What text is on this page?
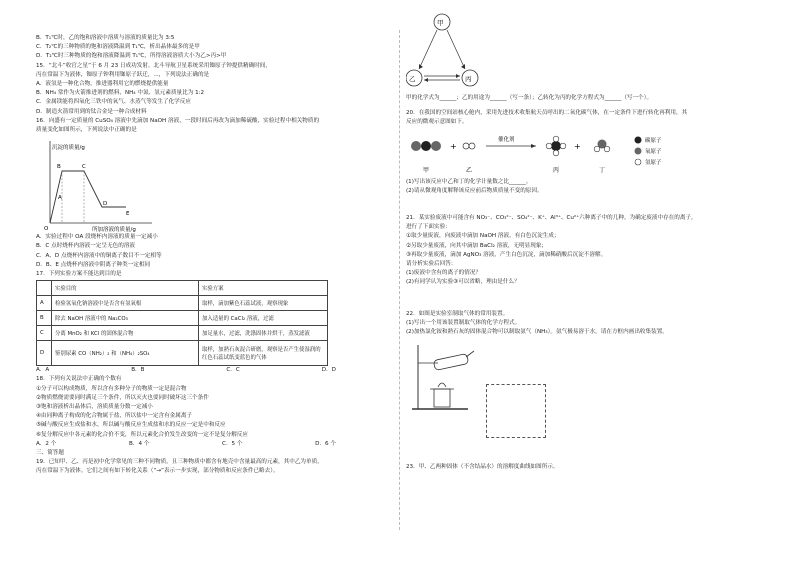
B．T₁℃时，乙的饱和溶液中溶质与溶液的质量比为 3:5
C．T₂℃的三种物质的饱和溶液降温到 T₁℃，析出晶体最多的是甲
D．T₂℃时三种物质的饱和溶液降温到 T₁℃，所得溶液溶质大小为乙>丙>甲
15．“北斗”收官之星”于 6 月 23 日成功发射。北斗导航卫星系统采用铷原子钟提供精确时间，
丙在常温下为液体，铷原子钟利用铷原子跃迁，...，下列说法正确的是
A．液氢是一种化合物，推进器利用它的燃烧提供能量
B．NH₄ 常作为火箭推进剂的燃料，NH₄ 中氮、氢元素质量比为 1:2
C．金属镁能将四氧化三铁中的氧气、水蒸气等发生了化学反应
D．制造火箭常用到的钛合金是一种合成材料
16．向盛有一定质量的 CuSO₄ 溶液中先滴加 NaOH 溶液，一段时间后再改为滴加稀硫酸，实验过程中相关物质的
质量变化如图所示，下列说法中正确的是
沉淀的质量/g
所加溶液的质量/g
O
A
B	C
D
E
A．实验过程中 OA 段烧杯内溶液的质量一定减小
B．C 点时烧杯内溶液一定呈无色的溶液
C．A、D 点烧杯内溶液中的铜离子数目不一定相等
D．B、E 点烧杯内溶液中阴离子种类一定相同
17．下列实验方案不能达到目的是
	实验目的	实验方案
A	检验氢氧化钠溶液中是否含有氢氧根	取样，滴加紫色石蕊试液，观察现象
B	除去 NaOH 溶液中的 Na₂CO₃	加入适量的 CaCl₂ 溶液，过滤
C	分离 MnO₂ 和 KCl 的固体混合物	加足量水，过滤，洗涤固体并烘干，蒸发滤液
D	鉴别尿素 CO（NH₂）₂ 和（NH₄）₂SO₄	取样，加熟石灰混合研磨，观察是否产生使湿润的红色石蕊试纸变蓝色的气体
A．A	B．B	C．C	D．D
18．下列有关说法中正确的个数有
①分子可以构成物质，所以含有多种分子的物质一定是混合物
②物质燃烧需要同时满足三个条件，所以灭火也要同时破坏这三个条件
③饱和溶液析出晶体后，溶质质量分数一定减小
④由同种离子构成的化合物属于盐，所以盐中一定含有金属离子
⑤碱与酸反应生成盐和水，所以碱与酸反应生成盐和水的反应一定是中和反应
⑥复分解反应中各元素的化合价不变，所以元素化合价发生改变的一定不是复分解反应
A．2 个	B．4 个	C．5 个	D．6 个
三、简答题
19．已知甲、乙、丙是初中化学常见的三种不同物质，且三种物质中都含有地壳中含量最高的元素，其中乙为单质，
丙在常温下为液体。它们之间有如下转化关系（“→”表示一步实现，部分物质和反应条件已略去）。
甲
乙	丙
甲的化学式为______；乙的用途为______（写一条）；乙转化为丙的化学方程式为______（写一个）。
20．在我国的空间站核心舱内，采用先进技术收集航天员呼出的二氧化碳气体，在一定条件下进行转化再利用，其
反应的微观示意图如下。
+
催化剂
+
甲	乙	丙	丁
碳原子
氧原子
氢原子
(1)写出该反应中乙和丁的化学计量数之比______。
(2)请从微观角度解释该反应前后物质质量不变的原因。
21．某实验废液中可能含有 NO₃⁻、CO₃²⁻、SO₄²⁻、K⁺、Al³⁺、Cu²⁺六种离子中的几种。为确定废液中存在的离子，
进行了下面实验：
①取少量废液，向废液中滴加 NaOH 溶液，有白色沉淀生成；
②另取少量废液，向其中滴加 BaCl₂ 溶液，无明显现象；
③再取少量废液，滴加 AgNO₃ 溶液，产生白色沉淀，滴加稀硝酸后沉淀不溶解。
请分析实验后回答：
(1)废液中含有的离子的情况？
(2)有同学认为实验③可以省略，理由是什么？
22．如图是实验室制取气体的常用装置。
(1)写出一个用该装置制取气体的化学方程式。
(2)加热氯化铵和熟石灰的固体混合物可以制取氨气（NH₃）。氨气极易溶于水，请在方框内画出收集装置。
23．甲、乙两种固体（不含结晶水）的溶解度曲线如图所示。
